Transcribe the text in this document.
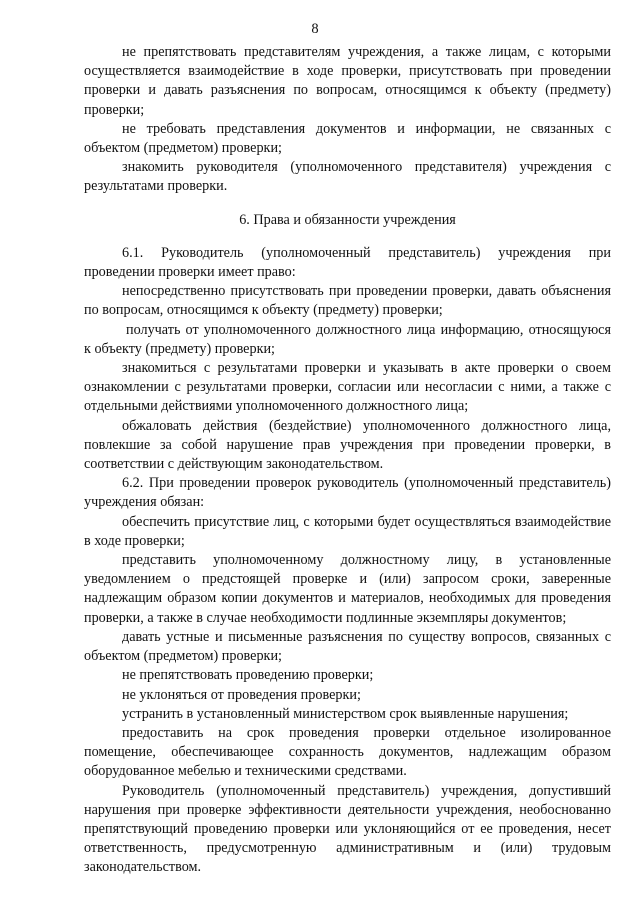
8

не препятствовать представителям учреждения, а также лицам, с которыми осуществляется взаимодействие в ходе проверки, присутствовать при проведении проверки и давать разъяснения по вопросам, относящимся к объекту (предмету) проверки;

не требовать представления документов и информации, не связанных с объектом (предметом) проверки;

знакомить руководителя (уполномоченного представителя) учреждения с результатами проверки.

6. Права и обязанности учреждения

6.1. Руководитель (уполномоченный представитель) учреждения при проведении проверки имеет право:

непосредственно присутствовать при проведении проверки, давать объяснения по вопросам, относящимся к объекту (предмету) проверки;

получать от уполномоченного должностного лица информацию, относящуюся к объекту (предмету) проверки;

знакомиться с результатами проверки и указывать в акте проверки о своем ознакомлении с результатами проверки, согласии или несогласии с ними, а также с отдельными действиями уполномоченного должностного лица;

обжаловать действия (бездействие) уполномоченного должностного лица, повлекшие за собой нарушение прав учреждения при проведении проверки, в соответствии с действующим законодательством.

6.2. При проведении проверок руководитель (уполномоченный представитель) учреждения обязан:

обеспечить присутствие лиц, с которыми будет осуществляться взаимодействие в ходе проверки;

представить уполномоченному должностному лицу, в установленные уведомлением о предстоящей проверке и (или) запросом сроки, заверенные надлежащим образом копии документов и материалов, необходимых для проведения проверки, а также в случае необходимости подлинные экземпляры документов;

давать устные и письменные разъяснения по существу вопросов, связанных с объектом (предметом) проверки;

не препятствовать проведению проверки;

не уклоняться от проведения проверки;

устранить в установленный министерством срок выявленные нарушения;

предоставить на срок проведения проверки отдельное изолированное помещение, обеспечивающее сохранность документов, надлежащим образом оборудованное мебелью и техническими средствами.

Руководитель (уполномоченный представитель) учреждения, допустивший нарушения при проверке эффективности деятельности учреждения, необоснованно препятствующий проведению проверки или уклоняющийся от ее проведения, несет ответственность, предусмотренную административным и (или) трудовым законодательством.
